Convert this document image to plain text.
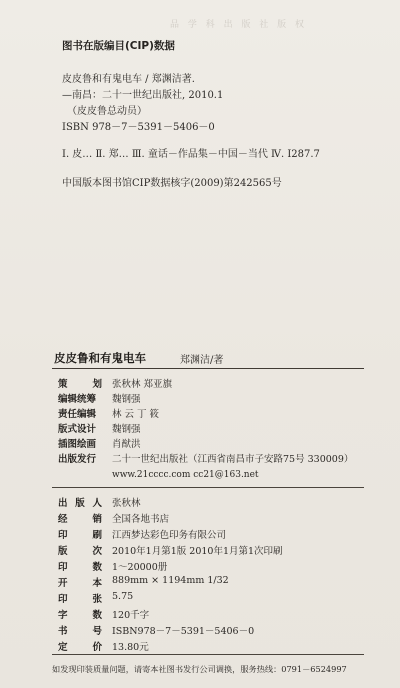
品 学 科 出 版 社 版 权
图书在版编目(CIP)数据
皮皮鲁和有鬼电车 / 郑渊洁著.
—南昌：二十一世纪出版社, 2010.1
（皮皮鲁总动员）
ISBN 978－7－5391－5406－0
Ⅰ. 皮… Ⅱ. 郑… Ⅲ. 童话－作品集－中国－当代 Ⅳ. I287.7
中国版本图书馆CIP数据核字(2009)第242565号
皮皮鲁和有鬼电车	郑渊洁/著
策	划 张秋林 郑亚旗
编辑统筹	魏钢强
责任编辑	林 云 丁 筱
版式设计	魏钢强
插图绘画	肖猷洪
出版发行	二十一世纪出版社（江西省南昌市子安路75号 330009）
www.21cccc.com cc21@163.net
出 版 人 张秋林
经	销 全国各地书店
印	刷 江西梦达彩色印务有限公司
版	次 2010年1月第1版 2010年1月第1次印刷
印	数 1～20000册
开	本 889mm × 1194mm 1/32
印	张 5.75
字	数 120千字
书	号 ISBN978－7－5391－5406－0
定	价 13.80元
如发现印装质量问题，请寄本社图书发行公司调换，服务热线：0791－6524997
